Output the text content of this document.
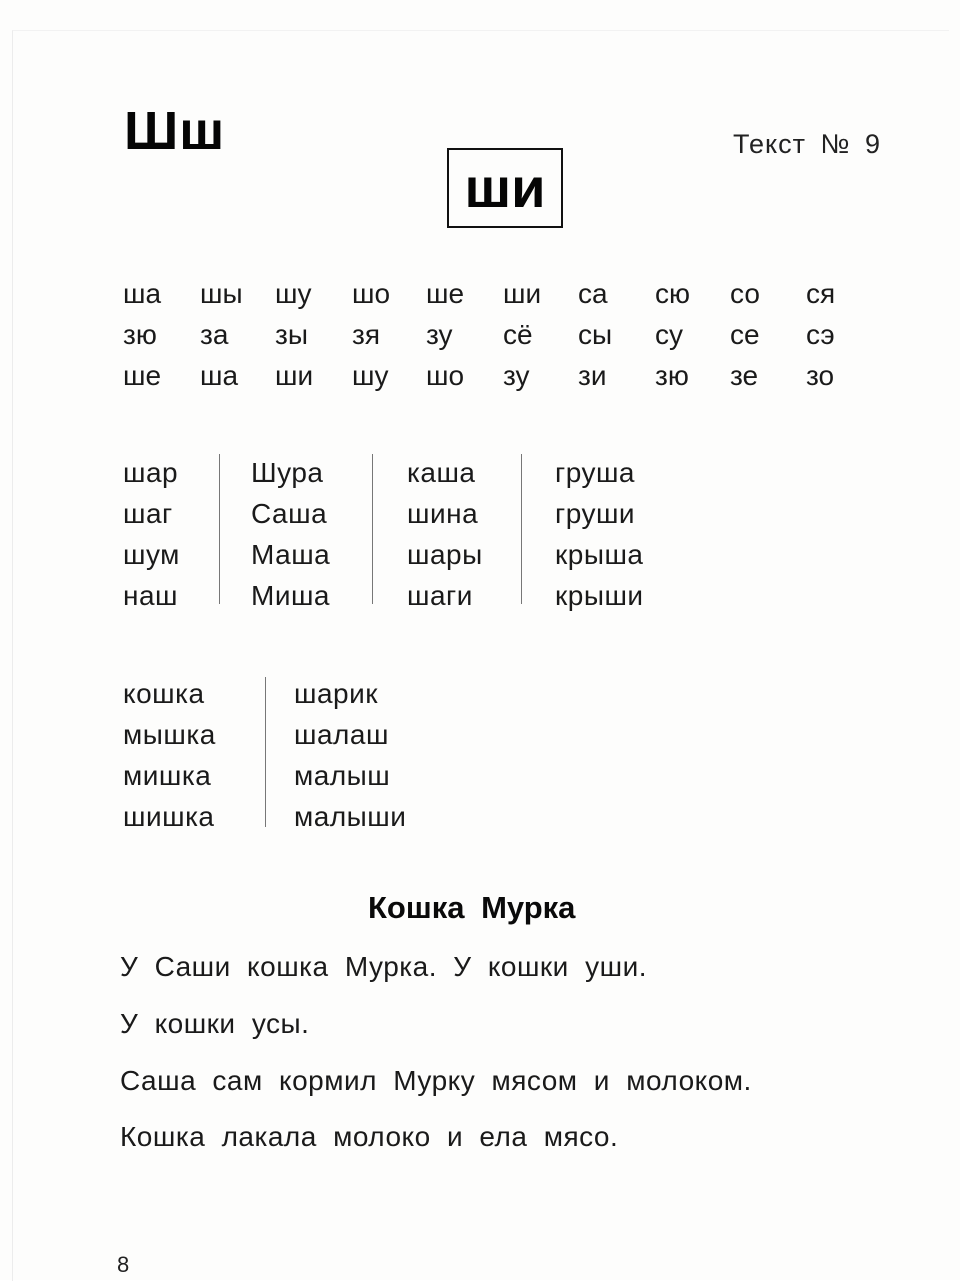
Шш	Текст № 9
ши
ша шы шу шо ше ши са сю со ся
зю за зы зя зу сё сы су се сэ
ше ша ши шу шо зу зи зю зе зо
шар
шаг
шум
наш
Шура
Саша
Маша
Миша
каша
шина
шары
шаги
груша
груши
крыша
крыши
кошка
мышка
мишка
шишка
шарик
шалаш
малыш
малыши
Кошка Мурка
У Саши кошка Мурка. У кошки уши.
У кошки усы.
Саша сам кормил Мурку мясом и молоком.
Кошка лакала молоко и ела мясо.
8
